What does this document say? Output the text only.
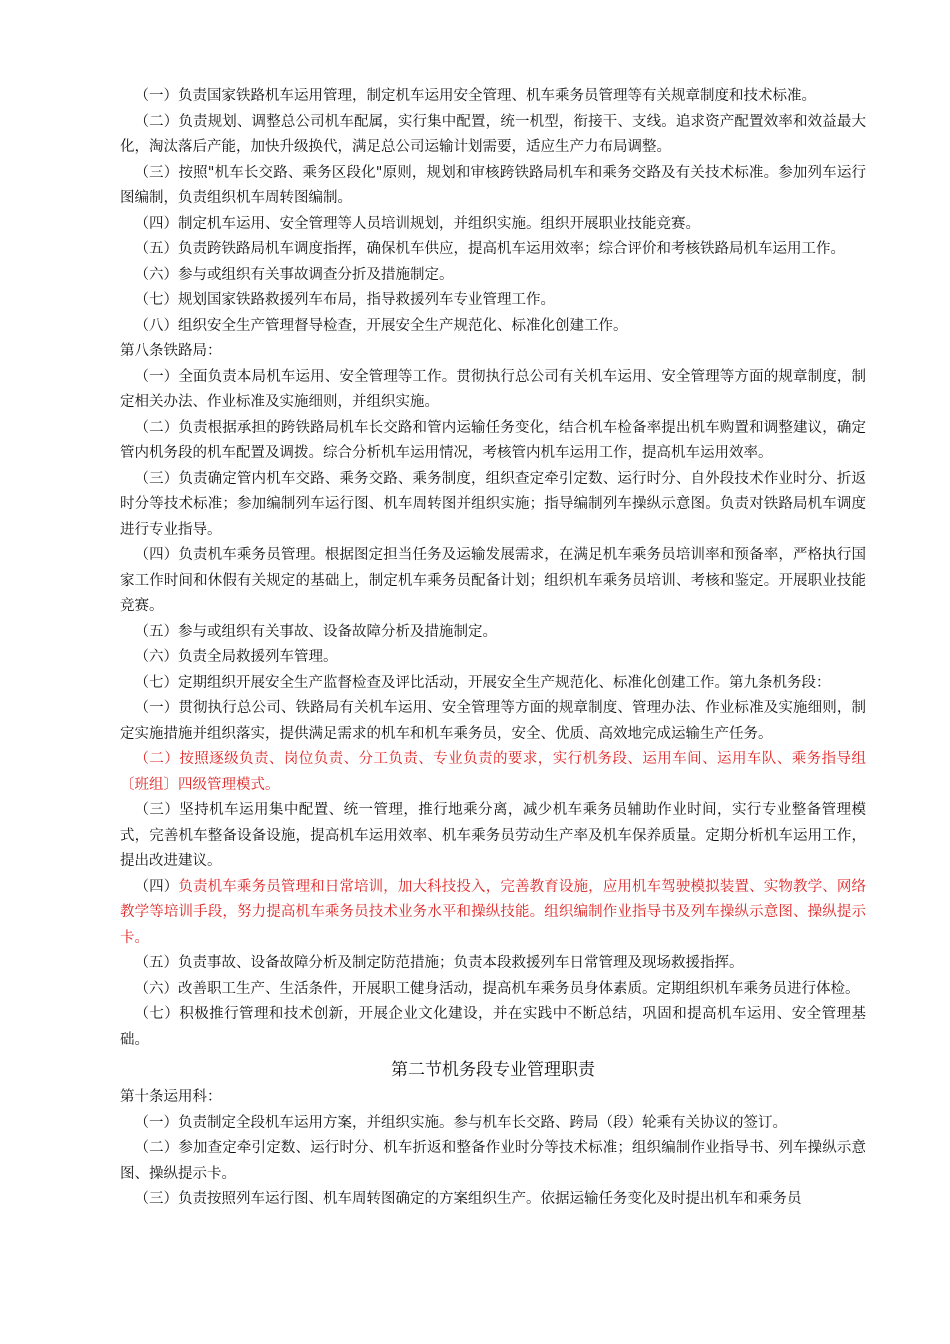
（一）负责国家铁路机车运用管理，制定机车运用安全管理、机车乘务员管理等有关规章制度和技术标准。

（二）负责规划、调整总公司机车配属，实行集中配置，统一机型，衔接干、支线。追求资产配置效率和效益最大化，淘汰落后产能，加快升级换代，满足总公司运输计划需要，适应生产力布局调整。

（三）按照"机车长交路、乘务区段化"原则，规划和审核跨铁路局机车和乘务交路及有关技术标准。参加列车运行图编制，负责组织机车周转图编制。

（四）制定机车运用、安全管理等人员培训规划，并组织实施。组织开展职业技能竞赛。

（五）负责跨铁路局机车调度指挥，确保机车供应，提高机车运用效率；综合评价和考核铁路局机车运用工作。

（六）参与或组织有关事故调查分折及措施制定。

（七）规划国家铁路救援列车布局，指导救援列车专业管理工作。

（八）组织安全生产管理督导检查，开展安全生产规范化、标准化创建工作。

第八条铁路局：

（一）全面负责本局机车运用、安全管理等工作。贯彻执行总公司有关机车运用、安全管理等方面的规章制度，制定相关办法、作业标准及实施细则，并组织实施。

（二）负责根据承担的跨铁路局机车长交路和管内运输任务变化，结合机车检备率提出机车购置和调整建议，确定管内机务段的机车配置及调拨。综合分析机车运用情况，考核管内机车运用工作，提高机车运用效率。

（三）负责确定管内机车交路、乘务交路、乘务制度，组织查定牵引定数、运行时分、自外段技术作业时分、折返时分等技术标准；参加编制列车运行图、机车周转图并组织实施；指导编制列车操纵示意图。负责对铁路局机车调度进行专业指导。

（四）负责机车乘务员管理。根据图定担当任务及运输发展需求，在满足机车乘务员培训率和预备率，严格执行国家工作时间和休假有关规定的基础上，制定机车乘务员配备计划；组织机车乘务员培训、考核和鉴定。开展职业技能竞赛。

（五）参与或组织有关事故、设备故障分析及措施制定。

（六）负责全局救援列车管理。

（七）定期组织开展安全生产监督检查及评比活动，开展安全生产规范化、标准化创建工作。第九条机务段：

（一）贯彻执行总公司、铁路局有关机车运用、安全管理等方面的规章制度、管理办法、作业标准及实施细则，制定实施措施并组织落实，提供满足需求的机车和机车乘务员，安全、优质、高效地完成运输生产任务。

（二）按照逐级负责、岗位负责、分工负责、专业负责的要求，实行机务段、运用车间、运用车队、乘务指导组〔班组〕四级管理模式。

（三）坚持机车运用集中配置、统一管理，推行地乘分离，减少机车乘务员辅助作业时间，实行专业整备管理模式，完善机车整备设备设施，提高机车运用效率、机车乘务员劳动生产率及机车保养质量。定期分析机车运用工作，提出改进建议。

（四）负责机车乘务员管理和日常培训，加大科技投入，完善教育设施，应用机车驾驶模拟装置、实物教学、网络教学等培训手段，努力提高机车乘务员技术业务水平和操纵技能。组织编制作业指导书及列车操纵示意图、操纵提示卡。

（五）负责事故、设备故障分析及制定防范措施；负责本段救援列车日常管理及现场救援指挥。

（六）改善职工生产、生活条件，开展职工健身活动，提高机车乘务员身体素质。定期组织机车乘务员进行体检。

（七）积极推行管理和技术创新，开展企业文化建设，并在实践中不断总结，巩固和提高机车运用、安全管理基础。

第二节机务段专业管理职责

第十条运用科：

（一）负责制定全段机车运用方案，并组织实施。参与机车长交路、跨局（段）轮乘有关协议的签订。

（二）参加查定牵引定数、运行时分、机车折返和整备作业时分等技术标准；组织编制作业指导书、列车操纵示意图、操纵提示卡。

（三）负责按照列车运行图、机车周转图确定的方案组织生产。依据运输任务变化及时提出机车和乘务员
